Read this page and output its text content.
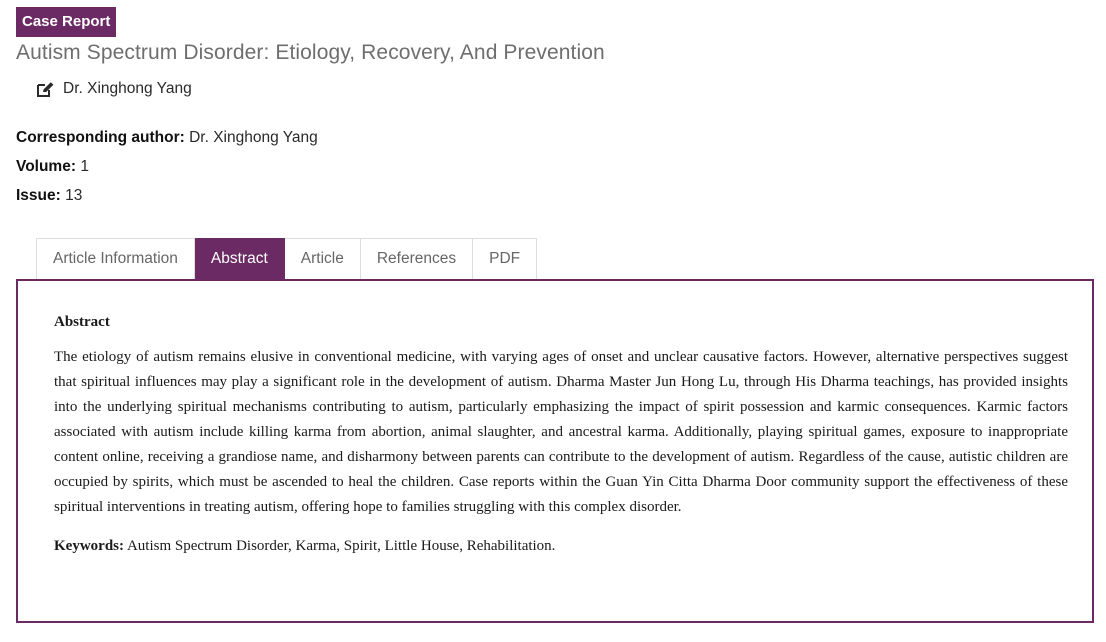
Case Report
Autism Spectrum Disorder: Etiology, Recovery, And Prevention
Dr. Xinghong Yang
Corresponding author: Dr. Xinghong Yang
Volume: 1
Issue: 13
Article Information	Abstract	Article	References	PDF

Abstract

The etiology of autism remains elusive in conventional medicine, with varying ages of onset and unclear causative factors. However, alternative perspectives suggest that spiritual influences may play a significant role in the development of autism. Dharma Master Jun Hong Lu, through His Dharma teachings, has provided insights into the underlying spiritual mechanisms contributing to autism, particularly emphasizing the impact of spirit possession and karmic consequences. Karmic factors associated with autism include killing karma from abortion, animal slaughter, and ancestral karma. Additionally, playing spiritual games, exposure to inappropriate content online, receiving a grandiose name, and disharmony between parents can contribute to the development of autism. Regardless of the cause, autistic children are occupied by spirits, which must be ascended to heal the children. Case reports within the Guan Yin Citta Dharma Door community support the effectiveness of these spiritual interventions in treating autism, offering hope to families struggling with this complex disorder.

Keywords: Autism Spectrum Disorder, Karma, Spirit, Little House, Rehabilitation.
